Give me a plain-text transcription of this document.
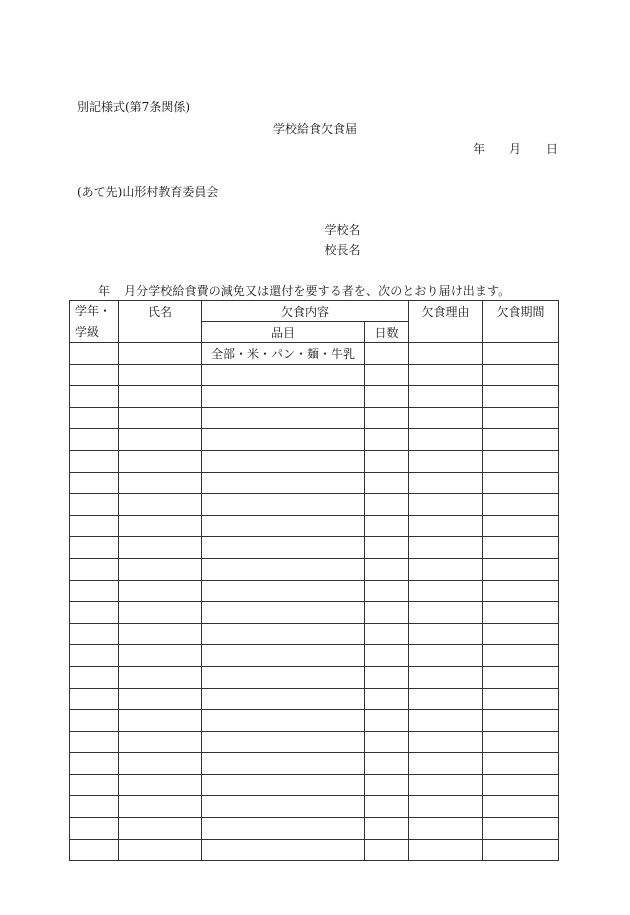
別記様式(第7条関係)
学校給食欠食届
年 月 日
(あて先)山形村教育委員会
学校名
校長名
年 月分学校給食費の減免又は還付を要する者を、次のとおり届け出ます。
学年・
学級	氏名	欠食内容		欠食理由	欠食期間
		品目	日数		
		全部・米・パン・麺・牛乳			
